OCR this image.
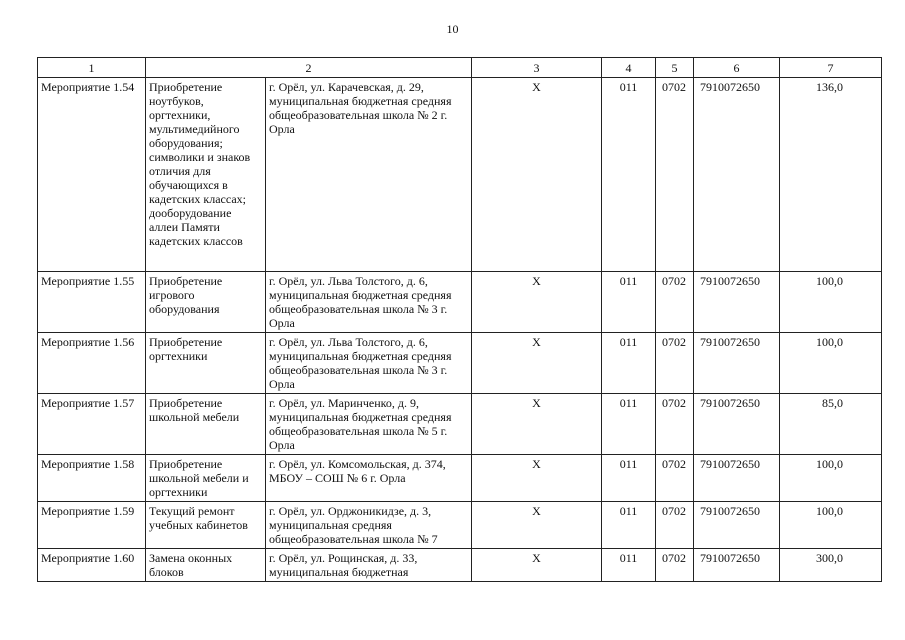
10
1	2		3	4	5	6	7
Мероприятие 1.54	Приобретение ноутбуков, оргтехники, мультимедийного оборудования; символики и знаков отличия для обучающихся в кадетских классах; дооборудование аллеи Памяти кадетских классов	г. Орёл, ул. Карачевская, д. 29, муниципальная бюджетная средняя общеобразовательная школа № 2 г. Орла	Х	011	0702	7910072650	136,0
Мероприятие 1.55	Приобретение игрового оборудования	г. Орёл, ул. Льва Толстого, д. 6, муниципальная бюджетная средняя общеобразовательная школа № 3 г. Орла	Х	011	0702	7910072650	100,0
Мероприятие 1.56	Приобретение оргтехники	г. Орёл, ул. Льва Толстого, д. 6, муниципальная бюджетная средняя общеобразовательная школа № 3 г. Орла	Х	011	0702	7910072650	100,0
Мероприятие 1.57	Приобретение школьной мебели	г. Орёл, ул. Маринченко, д. 9, муниципальная бюджетная средняя общеобразовательная школа № 5 г. Орла	Х	011	0702	7910072650	85,0
Мероприятие 1.58	Приобретение школьной мебели и оргтехники	г. Орёл, ул. Комсомольская, д. 374, МБОУ – СОШ № 6 г. Орла	Х	011	0702	7910072650	100,0
Мероприятие 1.59	Текущий ремонт учебных кабинетов	г. Орёл, ул. Орджоникидзе, д. 3, муниципальная средняя общеобразовательная школа № 7	Х	011	0702	7910072650	100,0
Мероприятие 1.60	Замена оконных блоков	г. Орёл, ул. Рощинская, д. 33, муниципальная бюджетная	Х	011	0702	7910072650	300,0
